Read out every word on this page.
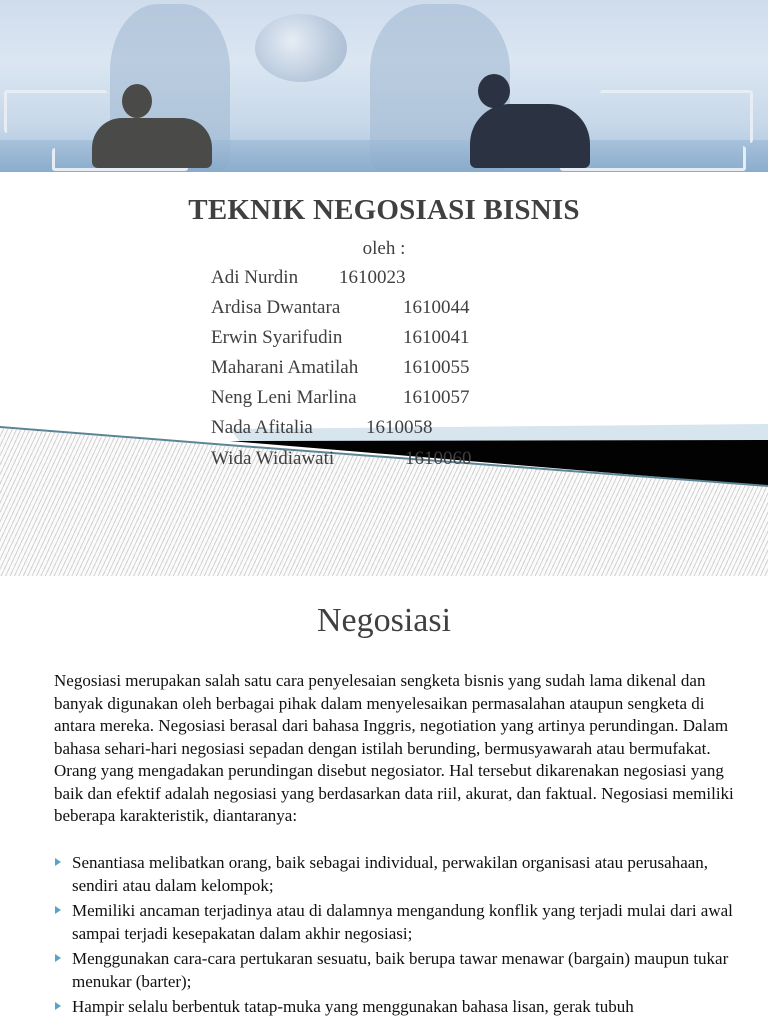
TEKNIK NEGOSIASI BISNIS
oleh :
Adi Nurdin 1610023
Ardisa Dwantara	1610044
Erwin Syarifudin	1610041
Maharani Amatilah 1610055
Neng Leni Marlina 1610057
Nada Afitalia	1610058
Wida Widiawati	1610060
Negosiasi
Negosiasi merupakan salah satu cara penyelesaian sengketa bisnis yang sudah lama dikenal dan banyak digunakan oleh berbagai pihak dalam menyelesaikan permasalahan ataupun sengketa di antara mereka. Negosiasi berasal dari bahasa Inggris, negotiation yang artinya perundingan. Dalam bahasa sehari-hari negosiasi sepadan dengan istilah berunding, bermusyawarah atau bermufakat. Orang yang mengadakan perundingan disebut negosiator. Hal tersebut dikarenakan negosiasi yang baik dan efektif adalah negosiasi yang berdasarkan data riil, akurat, dan faktual. Negosiasi memiliki beberapa karakteristik, diantaranya:
Senantiasa melibatkan orang, baik sebagai individual, perwakilan organisasi atau perusahaan, sendiri atau dalam kelompok;
Memiliki ancaman terjadinya atau di dalamnya mengandung konflik yang terjadi mulai dari awal sampai terjadi kesepakatan dalam akhir negosiasi;
Menggunakan cara-cara pertukaran sesuatu, baik berupa tawar menawar (bargain) maupun tukar menukar (barter);
Hampir selalu berbentuk tatap-muka yang menggunakan bahasa lisan, gerak tubuh
